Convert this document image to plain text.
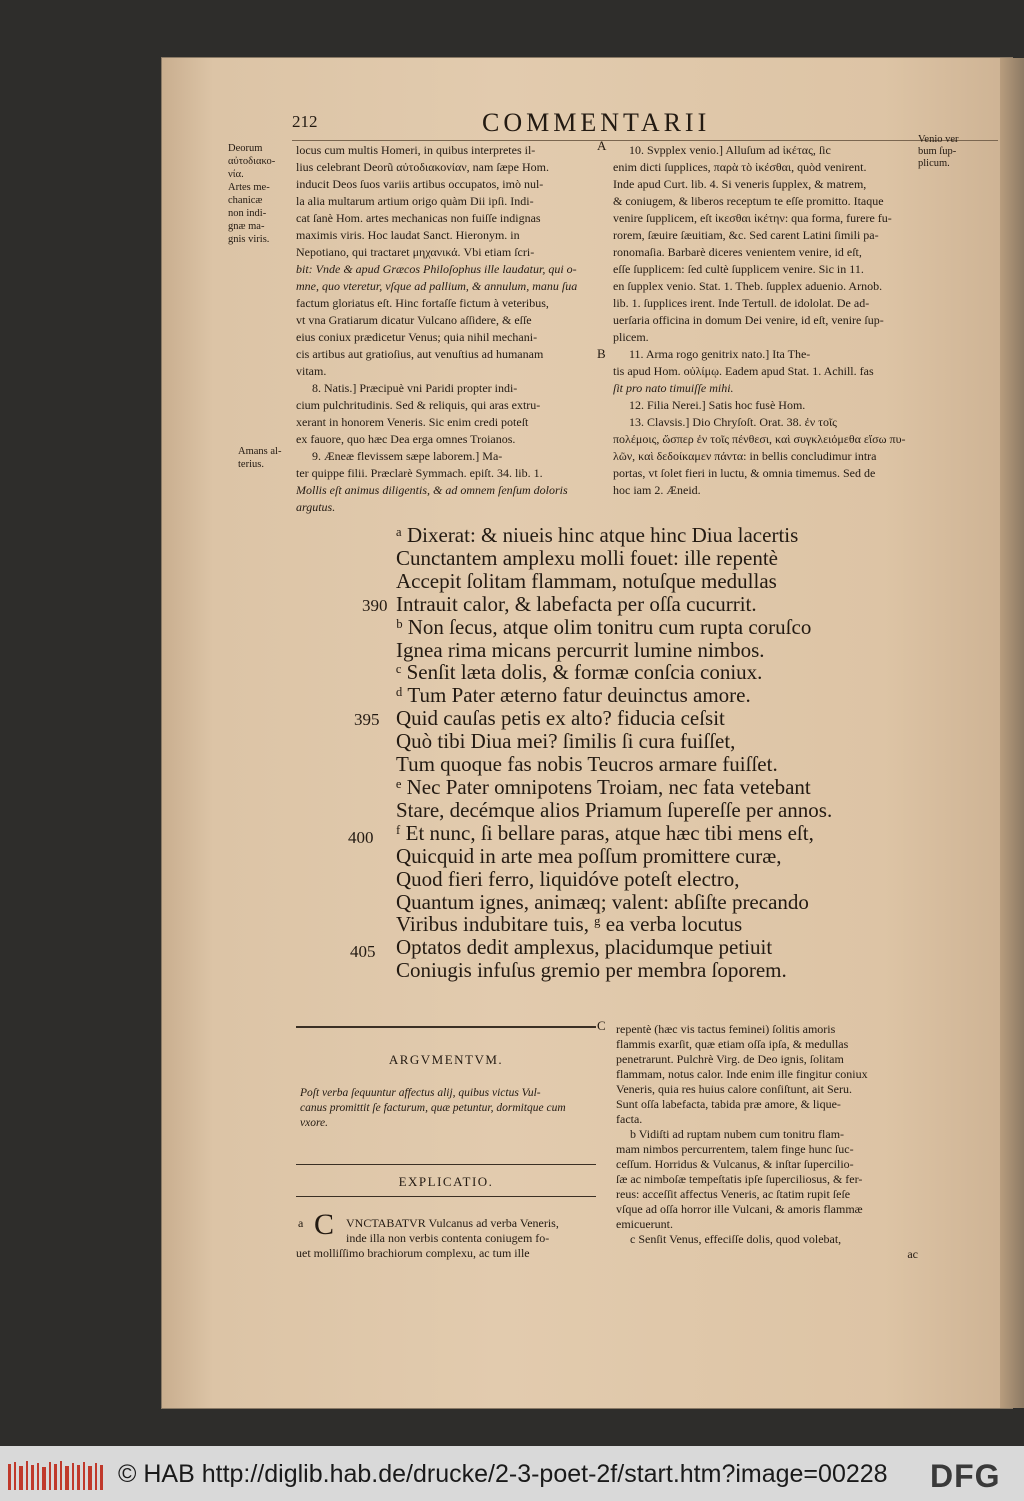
212	COMMENTARII
A
B
C
Deorum
αὐτοδιακο-
νία.
Artes me-
chanicæ
non indi-
gnæ ma-
gnis viris.
Amans al-
terius.
Venio ver
bum ſup-
plicum.
locus cum multis Homeri, in quibus interpretes il-
lius celebrant Deorũ αὐτοδιακονίαν, nam ſæpe Hom.
inducit Deos ſuos variis artibus occupatos, imò nul-
la alia multarum artium origo quàm Dii ipſi. Indi-
cat ſanè Hom. artes mechanicas non fuiſſe indignas
maximis viris. Hoc laudat Sanct. Hieronym. in
Nepotiano, qui tractaret μηχανικά. Vbi etiam ſcri-
bit: Vnde & apud Græcos Philoſophus ille laudatur, qui o-
mne, quo vteretur, vſque ad pallium, & annulum, manu ſua
factum gloriatus eſt. Hinc fortaſſe fictum à veteribus,
vt vna Gratiarum dicatur Vulcano aſſidere, & eſſe
eius coniux prædicetur Venus; quia nihil mechani-
cis artibus aut gratioſius, aut venuſtius ad humanam
vitam.
8. Natis.] Præcipuè vni Paridi propter indi-
cium pulchritudinis. Sed & reliquis, qui aras extru-
xerant in honorem Veneris. Sic enim credi poteſt
ex fauore, quo hæc Dea erga omnes Troianos.
9. Æneæ flevissem sæpe laborem.] Ma-
ter quippe filii. Præclarè Symmach. epiſt. 34. lib. 1.
Mollis eſt animus diligentis, & ad omnem ſenſum doloris
argutus.
10. Svpplex venio.] Alluſum ad ἱκέτας, ſic
enim dicti ſupplices, παρὰ τὸ ἱκέσθαι, quòd venirent.
Inde apud Curt. lib. 4. Si veneris ſupplex, & matrem,
& coniugem, & liberos receptum te eſſe promitto. Itaque
venire ſupplicem, eſt ἱκεσθαι ἱκέτην: qua forma, furere fu-
rorem, ſæuire ſæuitiam, &c. Sed carent Latini ſimili pa-
ronomaſia. Barbarè diceres venientem venire, id eſt,
eſſe ſupplicem: ſed cultè ſupplicem venire. Sic in 11.
en ſupplex venio. Stat. 1. Theb. ſupplex aduenio. Arnob.
lib. 1. ſupplices irent. Inde Tertull. de idololat. De ad-
uerſaria officina in domum Dei venire, id eſt, venire ſup-
plicem.
11. Arma rogo genitrix nato.] Ita The-
tis apud Hom. οὐλίμῳ. Eadem apud Stat. 1. Achill. fas
ſit pro nato timuiſſe mihi.
12. Filia Nerei.] Satis hoc fusè Hom.
13. Clavsis.] Dio Chryſoſt. Orat. 38. ἐν τοῖς
πολέμοις, ὥσπερ ἐν τοῖς πένθεσι, καὶ συγκλειόμεθα εἴσω πυ-
λῶν, καὶ δεδοίκαμεν πάντα: in bellis concludimur intra
portas, vt ſolet fieri in luctu, & omnia timemus. Sed de
hoc iam 2. Æneid.
ᵃ Dixerat: & niueis hinc atque hinc Diua lacertis
Cunctantem amplexu molli fouet: ille repentè
Accepit ſolitam flammam, notuſque medullas
Intrauit calor, & labefacta per oſſa cucurrit.
ᵇ Non ſecus, atque olim tonitru cum rupta coruſco
Ignea rima micans percurrit lumine nimbos.
ᶜ Senſit læta dolis, & formæ conſcia coniux.
ᵈ Tum Pater æterno fatur deuinctus amore.
Quid cauſas petis ex alto? fiducia ceſsit
Quò tibi Diua mei? ſimilis ſi cura fuiſſet,
Tum quoque fas nobis Teucros armare fuiſſet.
ᵉ Nec Pater omnipotens Troiam, nec fata vetebant
Stare, decémque alios Priamum ſupereſſe per annos.
ᶠ Et nunc, ſi bellare paras, atque hæc tibi mens eſt,
Quicquid in arte mea poſſum promittere curæ,
Quod fieri ferro, liquidóve poteſt electro,
Quantum ignes, animæq; valent: abſiſte precando
Viribus indubitare tuis, ᵍ ea verba locutus
Optatos dedit amplexus, placidumque petiuit
Coniugis infuſus gremio per membra ſoporem.
390
395
400
405
ARGVMENTVM.
Poſt verba ſequuntur affectus alij, quibus victus Vul-
canus promittit ſe facturum, quæ petuntur, dormitque cum
vxore.
EXPLICATIO.
a C VNCTABATVR Vulcanus ad verba Veneris,
inde illa non verbis contenta coniugem fo-
uet molliſſimo brachiorum complexu, ac tum ille
repentè (hæc vis tactus feminei) ſolitis amoris
flammis exarſit, quæ etiam oſſa ipſa, & medullas
penetrarunt. Pulchrè Virg. de Deo ignis, ſolitam
flammam, notus calor. Inde enim ille fingitur coniux
Veneris, quia res huius calore conſiſtunt, ait Seru.
Sunt oſſa labefacta, tabida præ amore, & lique-
facta.
b Vidiſti ad ruptam nubem cum tonitru flam-
mam nimbos percurrentem, talem finge hunc ſuc-
ceſſum. Horridus & Vulcanus, & inſtar ſupercilio-
ſæ ac nimboſæ tempeſtatis ipſe ſuperciliosus, & fer-
reus: acceſſit affectus Veneris, ac ſtatim rupit ſeſe
vſque ad oſſa horror ille Vulcani, & amoris flammæ
emicuerunt.
c Senſit Venus, effeciſſe dolis, quod volebat,
ac
© HAB http://diglib.hab.de/drucke/2-3-poet-2f/start.htm?image=00228 DFG
